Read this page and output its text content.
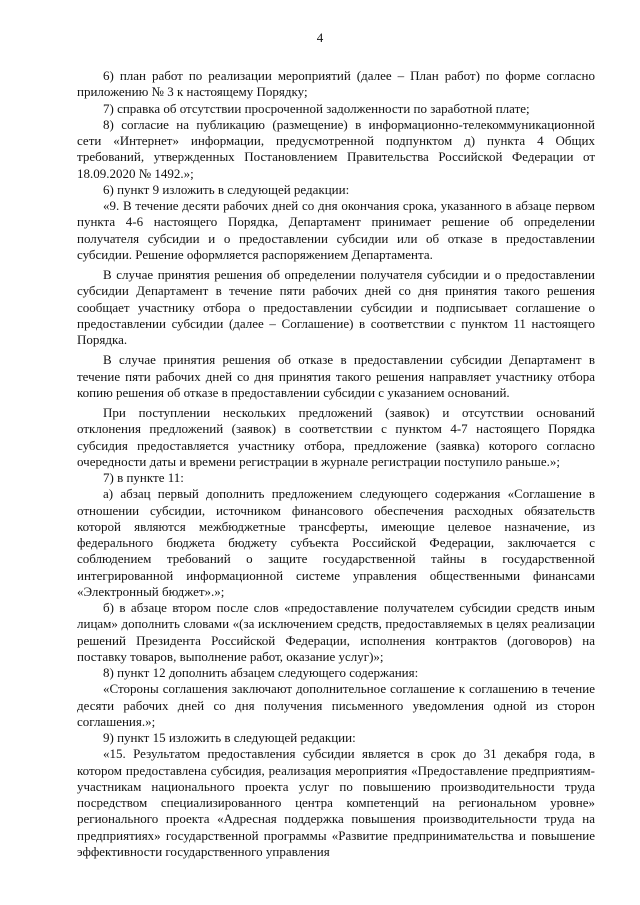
4

6) план работ по реализации мероприятий (далее – План работ) по форме согласно приложению № 3 к настоящему Порядку;

7) справка об отсутствии просроченной задолженности по заработной плате;

8) согласие на публикацию (размещение) в информационно-телекоммуникационной сети «Интернет» информации, предусмотренной подпунктом д) пункта 4 Общих требований, утвержденных Постановлением Правительства Российской Федерации от 18.09.2020 № 1492.»;

6) пункт 9 изложить в следующей редакции:

«9. В течение десяти рабочих дней со дня окончания срока, указанного в абзаце первом пункта 4-6 настоящего Порядка, Департамент принимает решение об определении получателя субсидии и о предоставлении субсидии или об отказе в предоставлении субсидии. Решение оформляется распоряжением Департамента.

В случае принятия решения об определении получателя субсидии и о предоставлении субсидии Департамент в течение пяти рабочих дней со дня принятия такого решения сообщает участнику отбора о предоставлении субсидии и подписывает соглашение о предоставлении субсидии (далее – Соглашение) в соответствии с пунктом 11 настоящего Порядка.

В случае принятия решения об отказе в предоставлении субсидии Департамент в течение пяти рабочих дней со дня принятия такого решения направляет участнику отбора копию решения об отказе в предоставлении субсидии с указанием оснований.

При поступлении нескольких предложений (заявок) и отсутствии оснований отклонения предложений (заявок) в соответствии с пунктом 4-7 настоящего Порядка субсидия предоставляется участнику отбора, предложение (заявка) которого согласно очередности даты и времени регистрации в журнале регистрации поступило раньше.»;

7) в пункте 11:

а) абзац первый дополнить предложением следующего содержания «Соглашение в отношении субсидии, источником финансового обеспечения расходных обязательств которой являются межбюджетные трансферты, имеющие целевое назначение, из федерального бюджета бюджету субъекта Российской Федерации, заключается с соблюдением требований о защите государственной тайны в государственной интегрированной информационной системе управления общественными финансами «Электронный бюджет».»;

б) в абзаце втором после слов «предоставление получателем субсидии средств иным лицам» дополнить словами «(за исключением средств, предоставляемых в целях реализации решений Президента Российской Федерации, исполнения контрактов (договоров) на поставку товаров, выполнение работ, оказание услуг)»;

8) пункт 12 дополнить абзацем следующего содержания:

«Стороны соглашения заключают дополнительное соглашение к соглашению в течение десяти рабочих дней со дня получения письменного уведомления одной из сторон соглашения.»;

9) пункт 15 изложить в следующей редакции:

«15. Результатом предоставления субсидии является в срок до 31 декабря года, в котором предоставлена субсидия, реализация мероприятия «Предоставление предприятиям-участникам национального проекта услуг по повышению производительности труда посредством специализированного центра компетенций на региональном уровне» регионального проекта «Адресная поддержка повышения производительности труда на предприятиях» государственной программы «Развитие предпринимательства и повышение эффективности государственного управления
